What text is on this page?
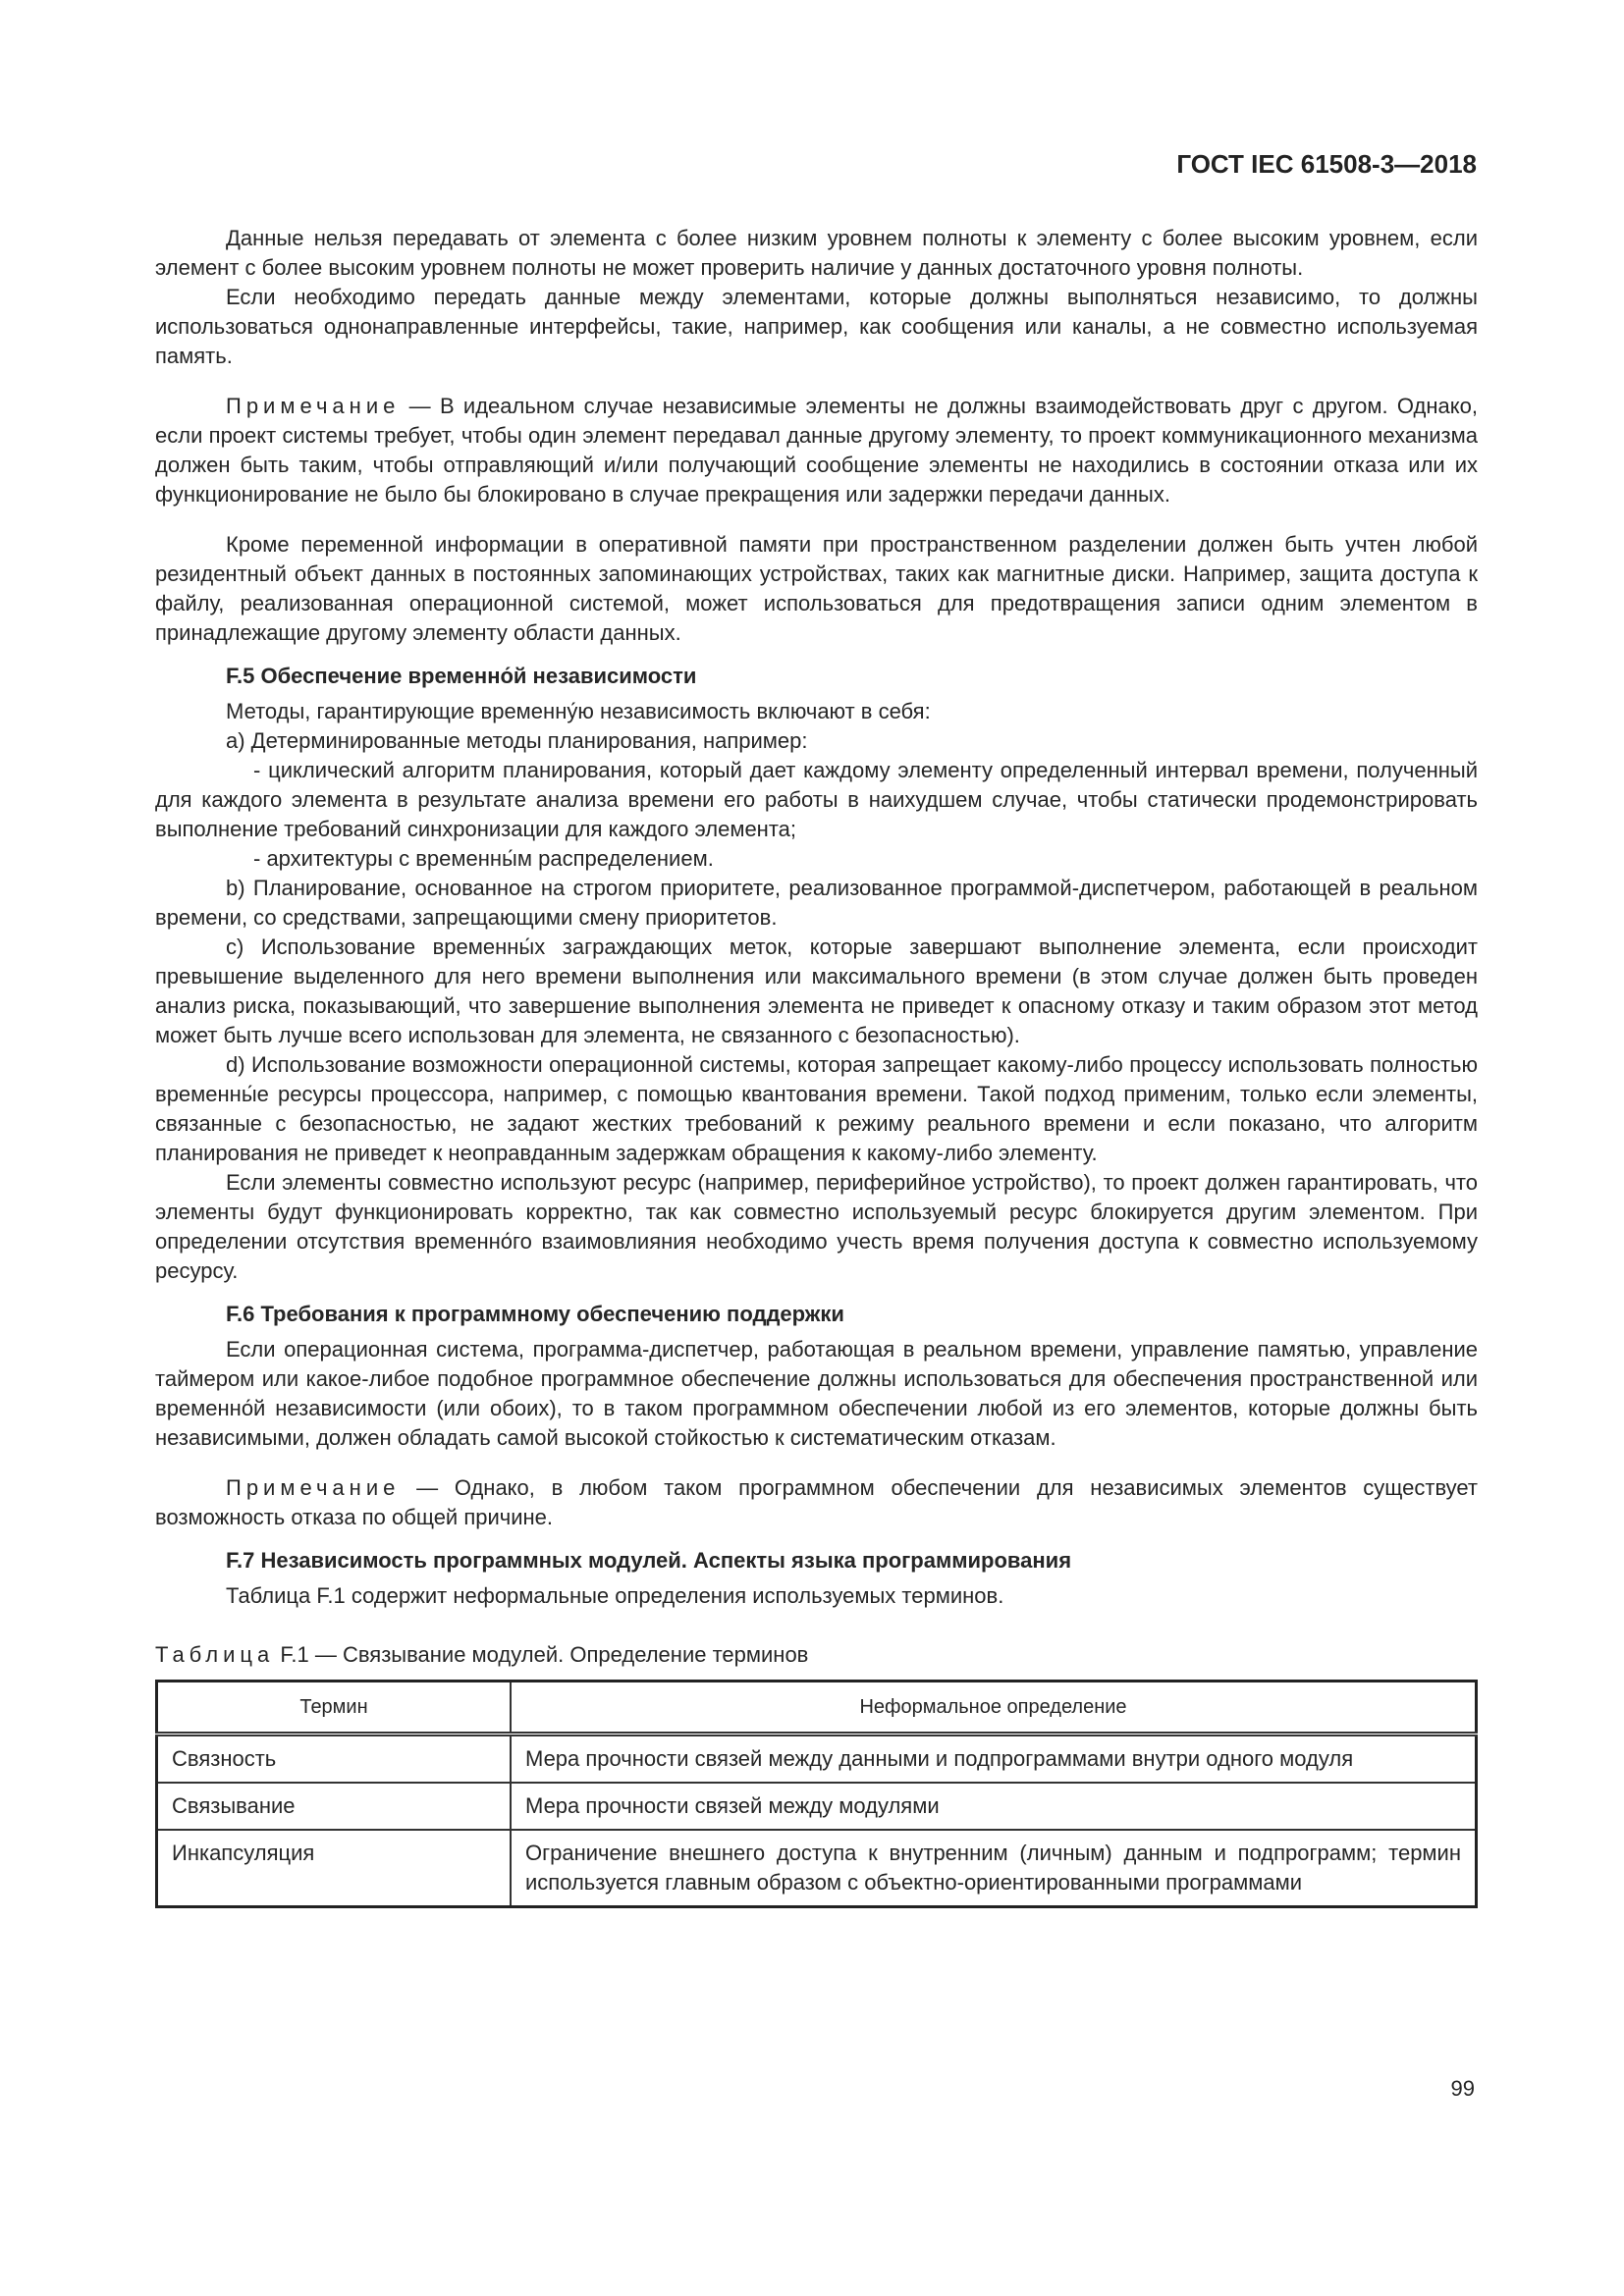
ГОСТ IEC 61508-3—2018

Данные нельзя передавать от элемента с более низким уровнем полноты к элементу с более высоким уровнем, если элемент с более высоким уровнем полноты не может проверить наличие у данных достаточного уровня полноты.

Если необходимо передать данные между элементами, которые должны выполняться независимо, то должны использоваться однонаправленные интерфейсы, такие, например, как сообщения или каналы, а не совместно используемая память.

Примечание — В идеальном случае независимые элементы не должны взаимодействовать друг с другом. Однако, если проект системы требует, чтобы один элемент передавал данные другому элементу, то проект коммуникационного механизма должен быть таким, чтобы отправляющий и/или получающий сообщение элементы не находились в состоянии отказа или их функционирование не было бы блокировано в случае прекращения или задержки передачи данных.

Кроме переменной информации в оперативной памяти при пространственном разделении должен быть учтен любой резидентный объект данных в постоянных запоминающих устройствах, таких как магнитные диски. Например, защита доступа к файлу, реализованная операционной системой, может использоваться для предотвращения записи одним элементом в принадлежащие другому элементу области данных.

F.5 Обеспечение временно́й независимости

Методы, гарантирующие временну́ю независимость включают в себя:

a) Детерминированные методы планирования, например:

- циклический алгоритм планирования, который дает каждому элементу определенный интервал времени, полученный для каждого элемента в результате анализа времени его работы в наихудшем случае, чтобы статически продемонстрировать выполнение требований синхронизации для каждого элемента;

- архитектуры с временны́м распределением.

b) Планирование, основанное на строгом приоритете, реализованное программой-диспетчером, работающей в реальном времени, со средствами, запрещающими смену приоритетов.

c) Использование временны́х заграждающих меток, которые завершают выполнение элемента, если происходит превышение выделенного для него времени выполнения или максимального времени (в этом случае должен быть проведен анализ риска, показывающий, что завершение выполнения элемента не приведет к опасному отказу и таким образом этот метод может быть лучше всего использован для элемента, не связанного с безопасностью).

d) Использование возможности операционной системы, которая запрещает какому-либо процессу использовать полностью временны́е ресурсы процессора, например, с помощью квантования времени. Такой подход применим, только если элементы, связанные с безопасностью, не задают жестких требований к режиму реального времени и если показано, что алгоритм планирования не приведет к неоправданным задержкам обращения к какому-либо элементу.

Если элементы совместно используют ресурс (например, периферийное устройство), то проект должен гарантировать, что элементы будут функционировать корректно, так как совместно используемый ресурс блокируется другим элементом. При определении отсутствия временно́го взаимовлияния необходимо учесть время получения доступа к совместно используемому ресурсу.

F.6 Требования к программному обеспечению поддержки

Если операционная система, программа-диспетчер, работающая в реальном времени, управление памятью, управление таймером или какое-либое подобное программное обеспечение должны использоваться для обеспечения пространственной или временно́й независимости (или обоих), то в таком программном обеспечении любой из его элементов, которые должны быть независимыми, должен обладать самой высокой стойкостью к систематическим отказам.

Примечание — Однако, в любом таком программном обеспечении для независимых элементов существует возможность отказа по общей причине.

F.7 Независимость программных модулей. Аспекты языка программирования

Таблица F.1 содержит неформальные определения используемых терминов.

Таблица F.1 — Связывание модулей. Определение терминов

Термин	Неформальное определение
Связность	Мера прочности связей между данными и подпрограммами внутри одного модуля
Связывание	Мера прочности связей между модулями
Инкапсуляция	Ограничение внешнего доступа к внутренним (личным) данным и подпрограмм; термин используется главным образом с объектно-ориентированными программами
99
